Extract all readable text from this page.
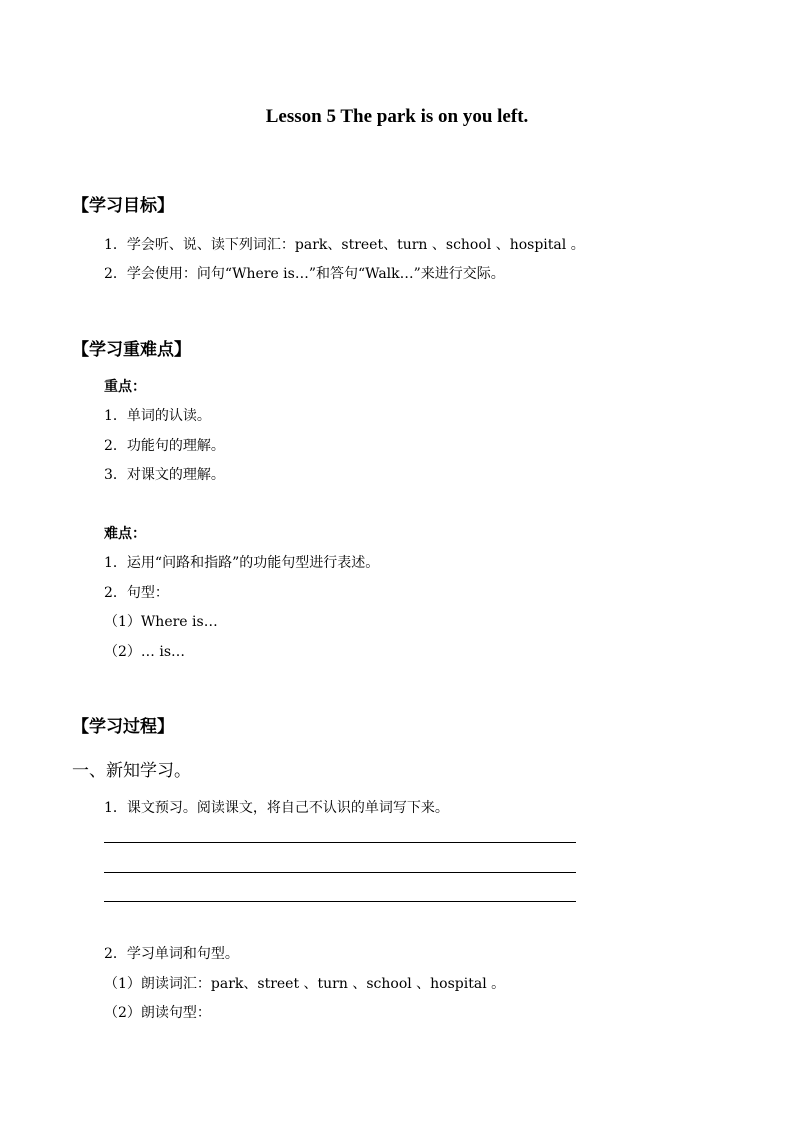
Lesson 5 The park is on you left.
【学习目标】
1．学会听、说、读下列词汇：park、street、turn 、school 、hospital 。
2．学会使用：问句“Where is…”和答句“Walk…”来进行交际。
【学习重难点】
重点：
1．单词的认读。
2．功能句的理解。
3．对课文的理解。
难点：
1．运用“问路和指路”的功能句型进行表述。
2．句型：
（1）Where is…
（2）… is…
【学习过程】
一、新知学习。
1．课文预习。阅读课文，将自己不认识的单词写下来。
2．学习单词和句型。
（1）朗读词汇：park、street 、turn 、school 、hospital 。
（2）朗读句型：
